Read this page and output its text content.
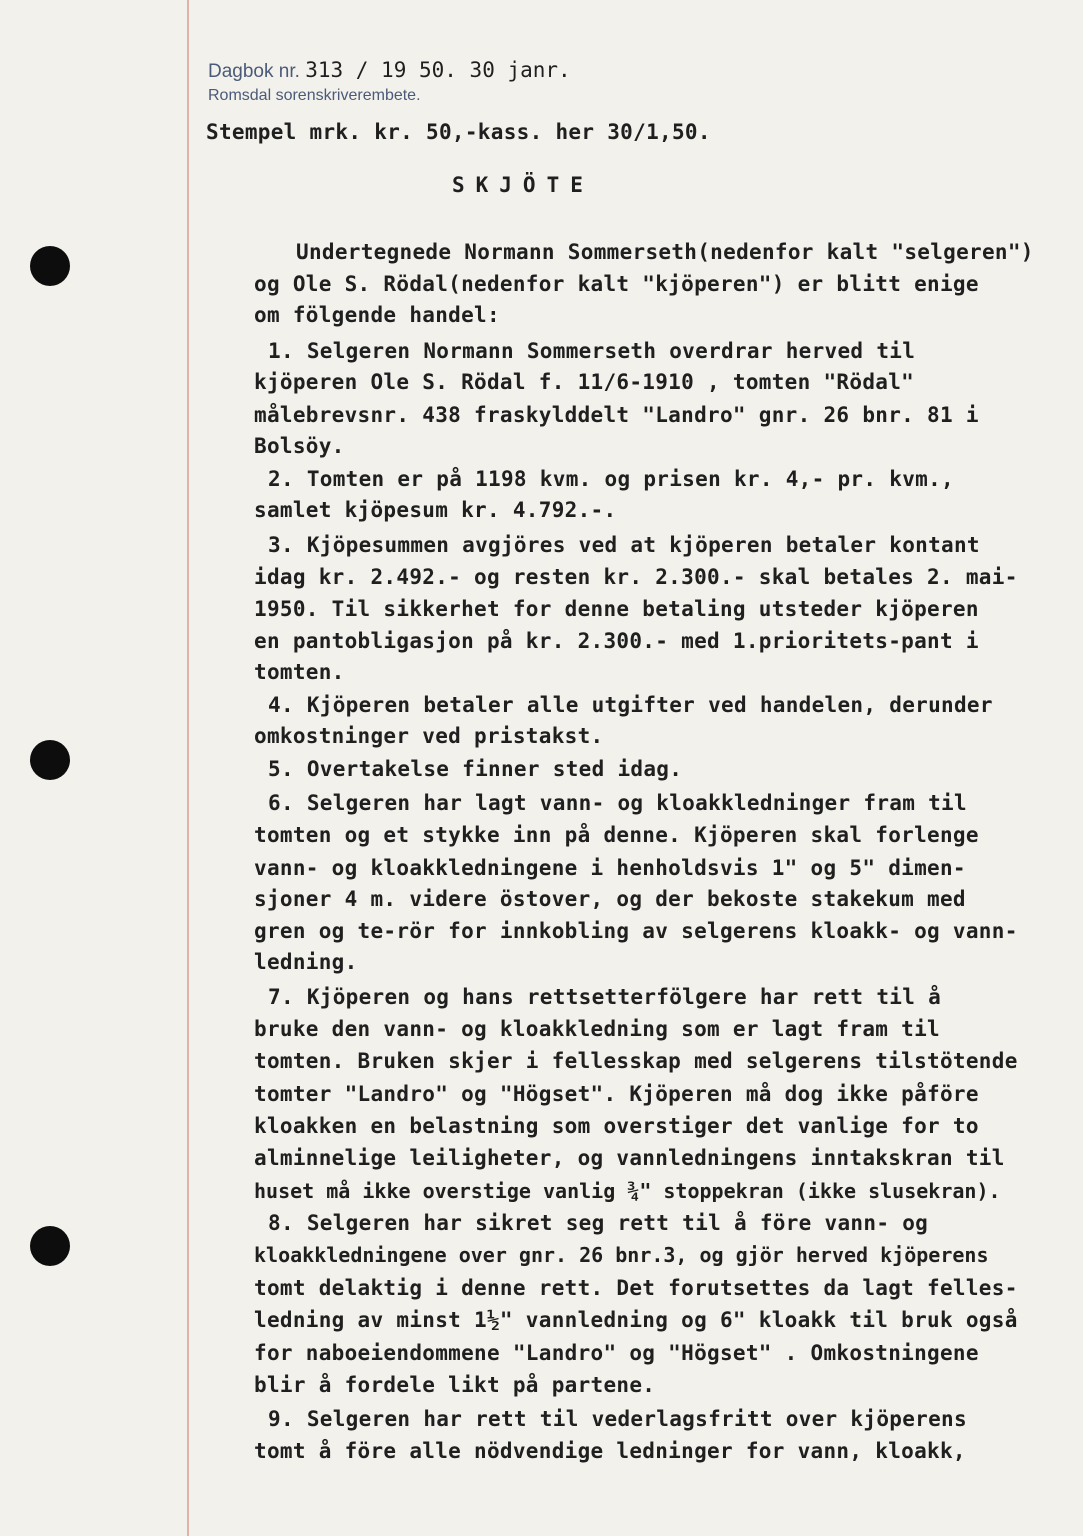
Dagbok nr. 313 / 19 50. 30 janr.
Romsdal sorenskriverembete.
Stempel mrk. kr. 50,-kass. her 30/1,50.
SKJÖTE
Undertegnede Normann Sommerseth(nedenfor kalt "selgeren")
og Ole S. Rödal(nedenfor kalt "kjöperen") er blitt enige
om fölgende handel:
1. Selgeren Normann Sommerseth overdrar herved til
kjöperen Ole S. Rödal f. 11/6-1910 , tomten "Rödal"
målebrevsnr. 438 fraskylddelt "Landro" gnr. 26 bnr. 81 i
Bolsöy.
2. Tomten er på 1198 kvm. og prisen kr. 4,- pr. kvm.,
samlet kjöpesum kr. 4.792.-.
3. Kjöpesummen avgjöres ved at kjöperen betaler kontant
idag kr. 2.492.- og resten kr. 2.300.- skal betales 2. mai-
1950. Til sikkerhet for denne betaling utsteder kjöperen
en pantobligasjon på kr. 2.300.- med 1.prioritets-pant i
tomten.
4. Kjöperen betaler alle utgifter ved handelen, derunder
omkostninger ved pristakst.
5. Overtakelse finner sted idag.
6. Selgeren har lagt vann- og kloakkledninger fram til
tomten og et stykke inn på denne. Kjöperen skal forlenge
vann- og kloakkledningene i henholdsvis 1" og 5" dimen-
sjoner 4 m. videre östover, og der bekoste stakekum med
gren og te-rör for innkobling av selgerens kloakk- og vann-
ledning.
7. Kjöperen og hans rettsetterfölgere har rett til å
bruke den vann- og kloakkledning som er lagt fram til
tomten. Bruken skjer i fellesskap med selgerens tilstötende
tomter "Landro" og "Högset". Kjöperen må dog ikke påföre
kloakken en belastning som overstiger det vanlige for to
alminnelige leiligheter, og vannledningens inntakskran til
huset må ikke overstige vanlig ¾" stoppekran (ikke slusekran).
8. Selgeren har sikret seg rett til å före vann- og
kloakkledningene over gnr. 26 bnr.3, og gjör herved kjöperens
tomt delaktig i denne rett. Det forutsettes da lagt felles-
ledning av minst 1½" vannledning og 6" kloakk til bruk også
for naboeiendommene "Landro" og "Högset" . Omkostningene
blir å fordele likt på partene.
9. Selgeren har rett til vederlagsfritt over kjöperens
tomt å före alle nödvendige ledninger for vann, kloakk,
